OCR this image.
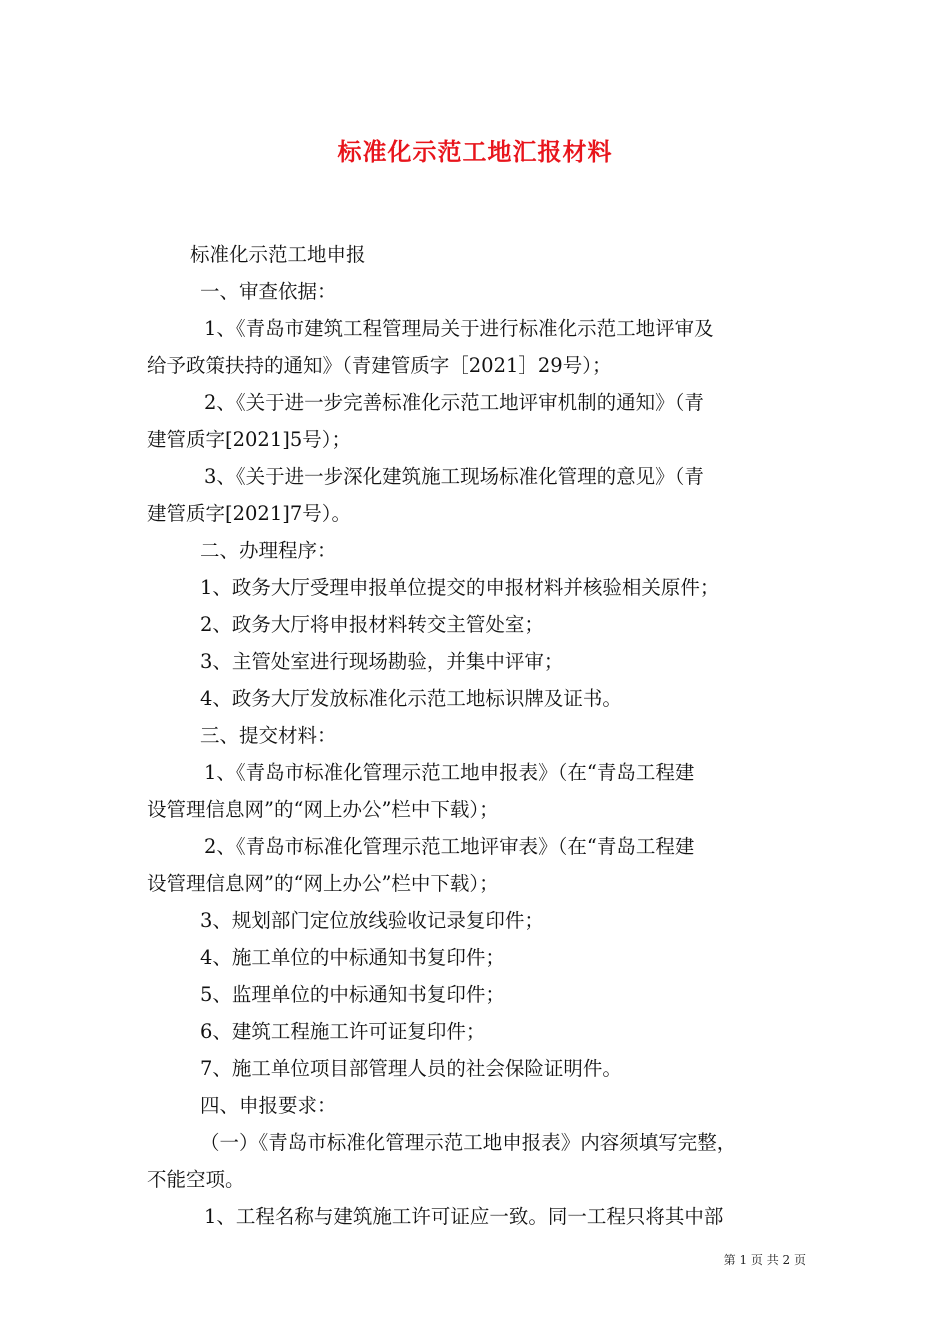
标准化示范工地汇报材料

标准化示范工地申报

一、审查依据：

1、《青岛市建筑工程管理局关于进行标准化示范工地评审及

给予政策扶持的通知》（青建管质字［2021］29号）；

2、《关于进一步完善标准化示范工地评审机制的通知》（青

建管质字[2021]5号）；

3、《关于进一步深化建筑施工现场标准化管理的意见》（青

建管质字[2021]7号）。

二、办理程序：

1、政务大厅受理申报单位提交的申报材料并核验相关原件；

2、政务大厅将申报材料转交主管处室；

3、主管处室进行现场勘验，并集中评审；

4、政务大厅发放标准化示范工地标识牌及证书。

三、提交材料：

1、《青岛市标准化管理示范工地申报表》（在“青岛工程建

设管理信息网”的“网上办公”栏中下载）；

2、《青岛市标准化管理示范工地评审表》（在“青岛工程建

设管理信息网”的“网上办公”栏中下载）；

3、规划部门定位放线验收记录复印件；

4、施工单位的中标通知书复印件；

5、监理单位的中标通知书复印件；

6、建筑工程施工许可证复印件；

7、施工单位项目部管理人员的社会保险证明件。

四、申报要求：

（一）《青岛市标准化管理示范工地申报表》内容须填写完整，

不能空项。

1、工程名称与建筑施工许可证应一致。同一工程只将其中部

第 1 页 共 2 页
